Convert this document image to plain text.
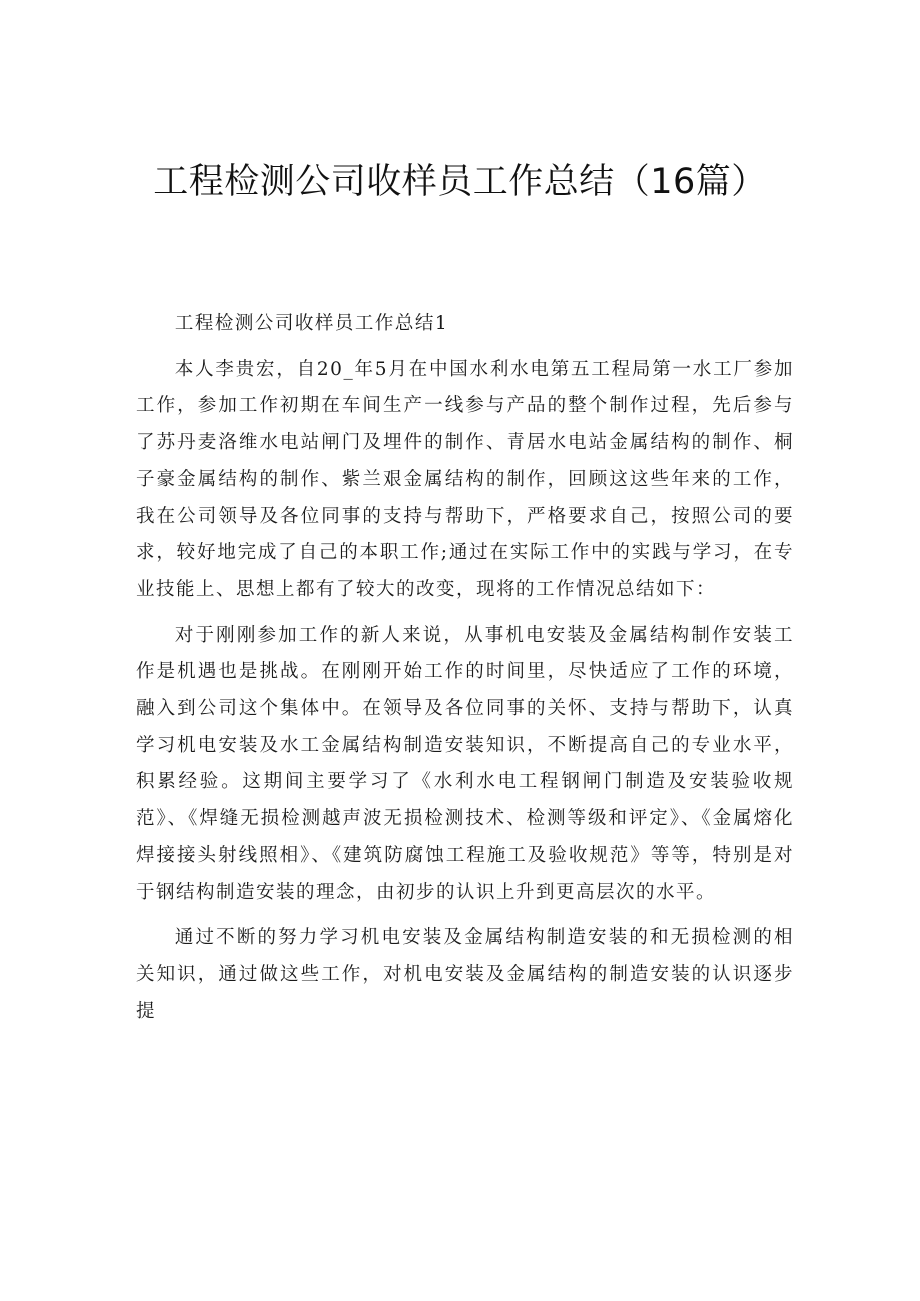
工程检测公司收样员工作总结（16篇）

工程检测公司收样员工作总结1

本人李贵宏，自20_年5月在中国水利水电第五工程局第一水工厂参加工作，参加工作初期在车间生产一线参与产品的整个制作过程，先后参与了苏丹麦洛维水电站闸门及埋件的制作、青居水电站金属结构的制作、桐子豪金属结构的制作、紫兰艰金属结构的制作，回顾这这些年来的工作，我在公司领导及各位同事的支持与帮助下，严格要求自己，按照公司的要求，较好地完成了自己的本职工作;通过在实际工作中的实践与学习，在专业技能上、思想上都有了较大的改变，现将的工作情况总结如下：

对于刚刚参加工作的新人来说，从事机电安装及金属结构制作安装工作是机遇也是挑战。在刚刚开始工作的时间里，尽快适应了工作的环境，融入到公司这个集体中。在领导及各位同事的关怀、支持与帮助下，认真学习机电安装及水工金属结构制造安装知识，不断提高自己的专业水平，积累经验。这期间主要学习了《水利水电工程钢闸门制造及安装验收规范》、《焊缝无损检测越声波无损检测技术、检测等级和评定》、《金属熔化焊接接头射线照相》、《建筑防腐蚀工程施工及验收规范》等等，特别是对于钢结构制造安装的理念，由初步的认识上升到更高层次的水平。

通过不断的努力学习机电安装及金属结构制造安装的和无损检测的相关知识，通过做这些工作，对机电安装及金属结构的制造安装的认识逐步提
